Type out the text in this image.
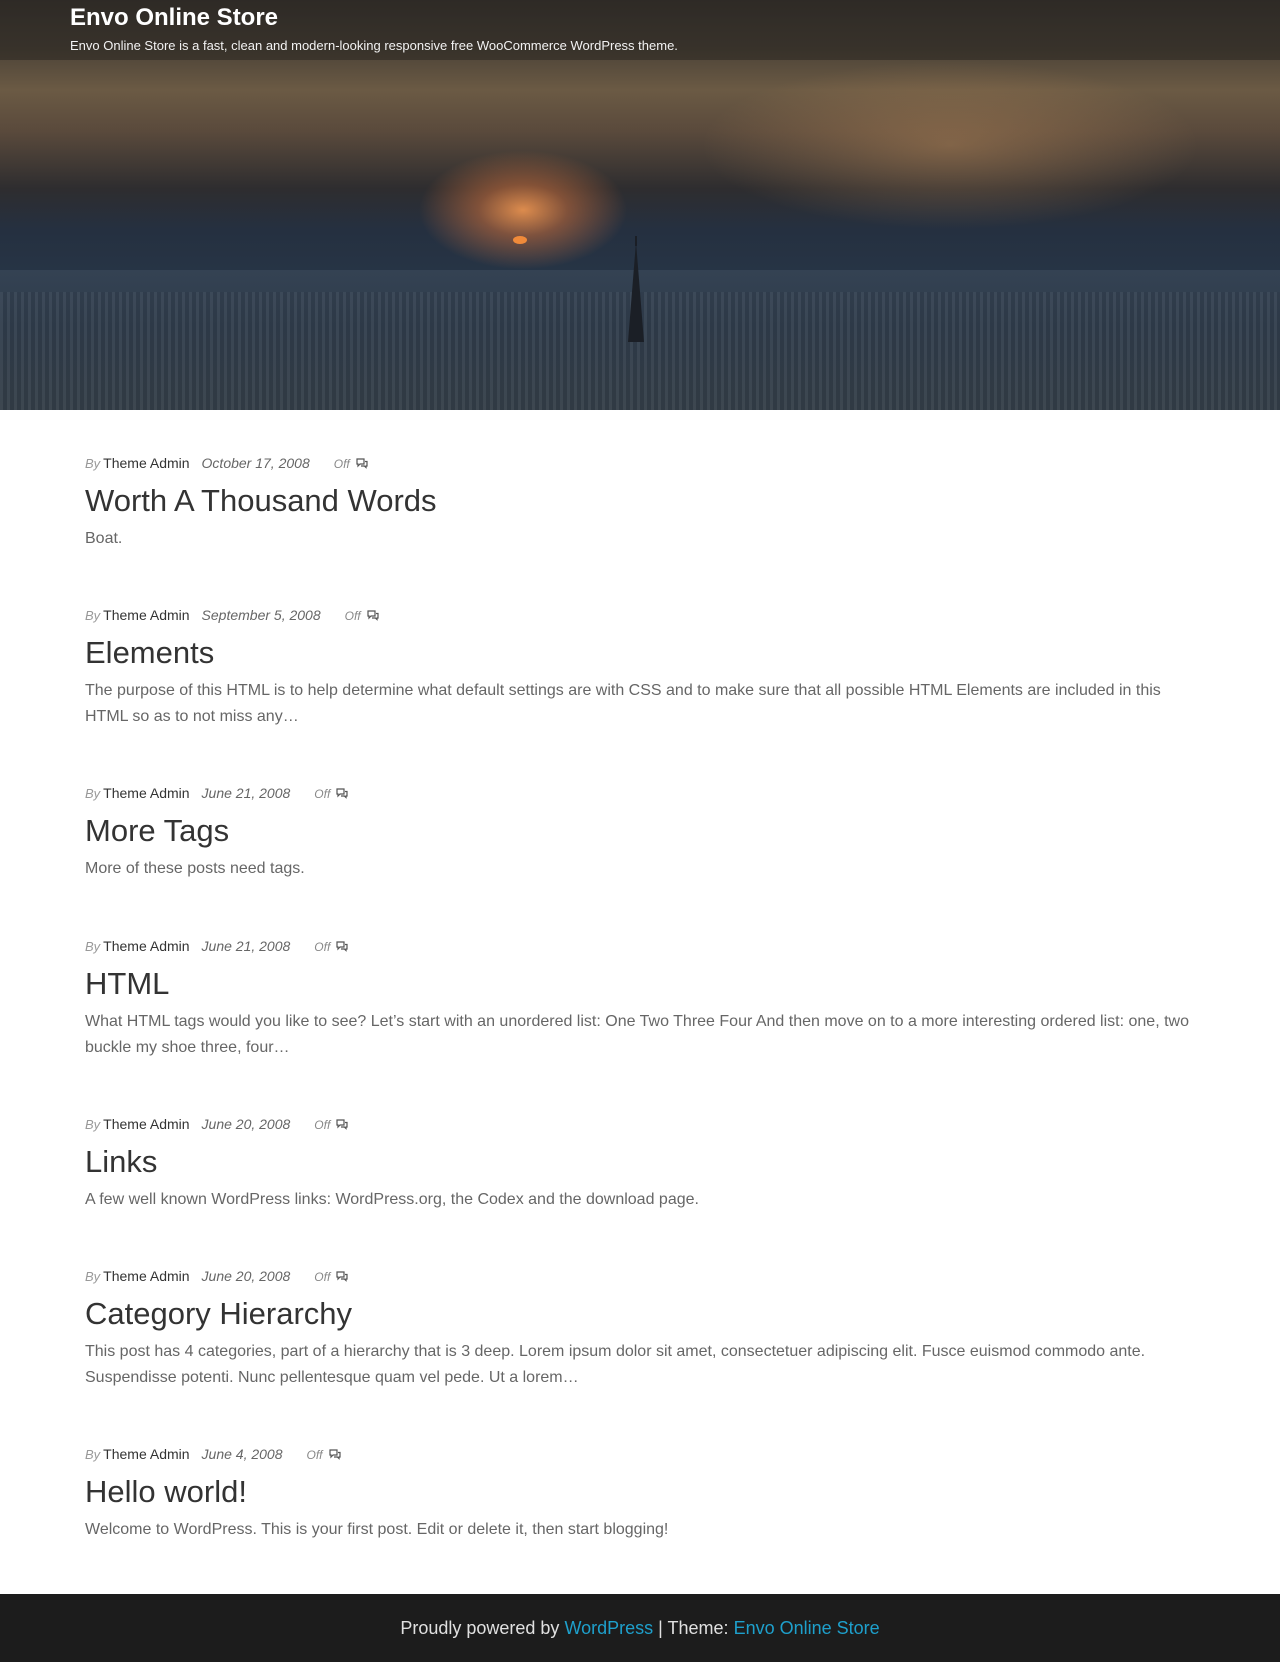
Envo Online Store

Envo Online Store is a fast, clean and modern-looking responsive free WooCommerce WordPress theme.

By Theme Admin October 17, 2008 Off
Worth A Thousand Words

Boat.

By Theme Admin September 5, 2008 Off
Elements

The purpose of this HTML is to help determine what default settings are with CSS and to make sure that all possible HTML Elements are included in this HTML so as to not miss any…

By Theme Admin June 21, 2008 Off
More Tags

More of these posts need tags.

By Theme Admin June 21, 2008 Off
HTML

What HTML tags would you like to see? Let’s start with an unordered list: One Two Three Four And then move on to a more interesting ordered list: one, two buckle my shoe three, four…

By Theme Admin June 20, 2008 Off
Links

A few well known WordPress links: WordPress.org, the Codex and the download page.

By Theme Admin June 20, 2008 Off
Category Hierarchy

This post has 4 categories, part of a hierarchy that is 3 deep. Lorem ipsum dolor sit amet, consectetuer adipiscing elit. Fusce euismod commodo ante. Suspendisse potenti. Nunc pellentesque quam vel pede. Ut a lorem…

By Theme Admin June 4, 2008 Off
Hello world!

Welcome to WordPress. This is your first post. Edit or delete it, then start blogging!

Proudly powered by WordPress | Theme: Envo Online Store
